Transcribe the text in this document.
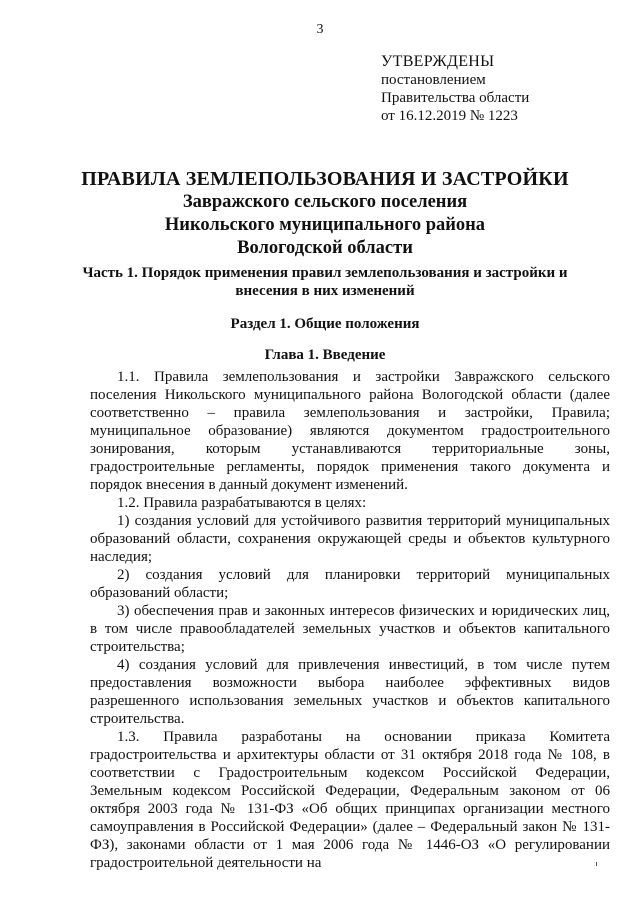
3
УТВЕРЖДЕНЫ
постановлением
Правительства области
от 16.12.2019 № 1223
ПРАВИЛА ЗЕМЛЕПОЛЬЗОВАНИЯ И ЗАСТРОЙКИ
Завражского сельского поселения
Никольского муниципального района
Вологодской области
Часть 1. Порядок применения правил землепользования и застройки и внесения в них изменений
Раздел 1. Общие положения
Глава 1. Введение

1.1. Правила землепользования и застройки Завражского сельского поселения Никольского муниципального района Вологодской области (далее соответственно – правила землепользования и застройки, Правила; муниципальное образование) являются документом градостроительного зонирования, которым устанавливаются территориальные зоны, градостроительные регламенты, порядок применения такого документа и порядок внесения в данный документ изменений.

1.2. Правила разрабатываются в целях:

1) создания условий для устойчивого развития территорий муниципальных образований области, сохранения окружающей среды и объектов культурного наследия;

2) создания условий для планировки территорий муниципальных образований области;

3) обеспечения прав и законных интересов физических и юридических лиц, в том числе правообладателей земельных участков и объектов капитального строительства;

4) создания условий для привлечения инвестиций, в том числе путем предоставления возможности выбора наиболее эффективных видов разрешенного использования земельных участков и объектов капитального строительства.

1.3. Правила разработаны на основании приказа Комитета градостроительства и архитектуры области от 31 октября 2018 года № 108, в соответствии с Градостроительным кодексом Российской Федерации, Земельным кодексом Российской Федерации, Федеральным законом от 06 октября 2003 года № 131-ФЗ «Об общих принципах организации местного самоуправления в Российской Федерации» (далее – Федеральный закон № 131-ФЗ), законами области от 1 мая 2006 года № 1446-ОЗ «О регулировании градостроительной деятельности на
